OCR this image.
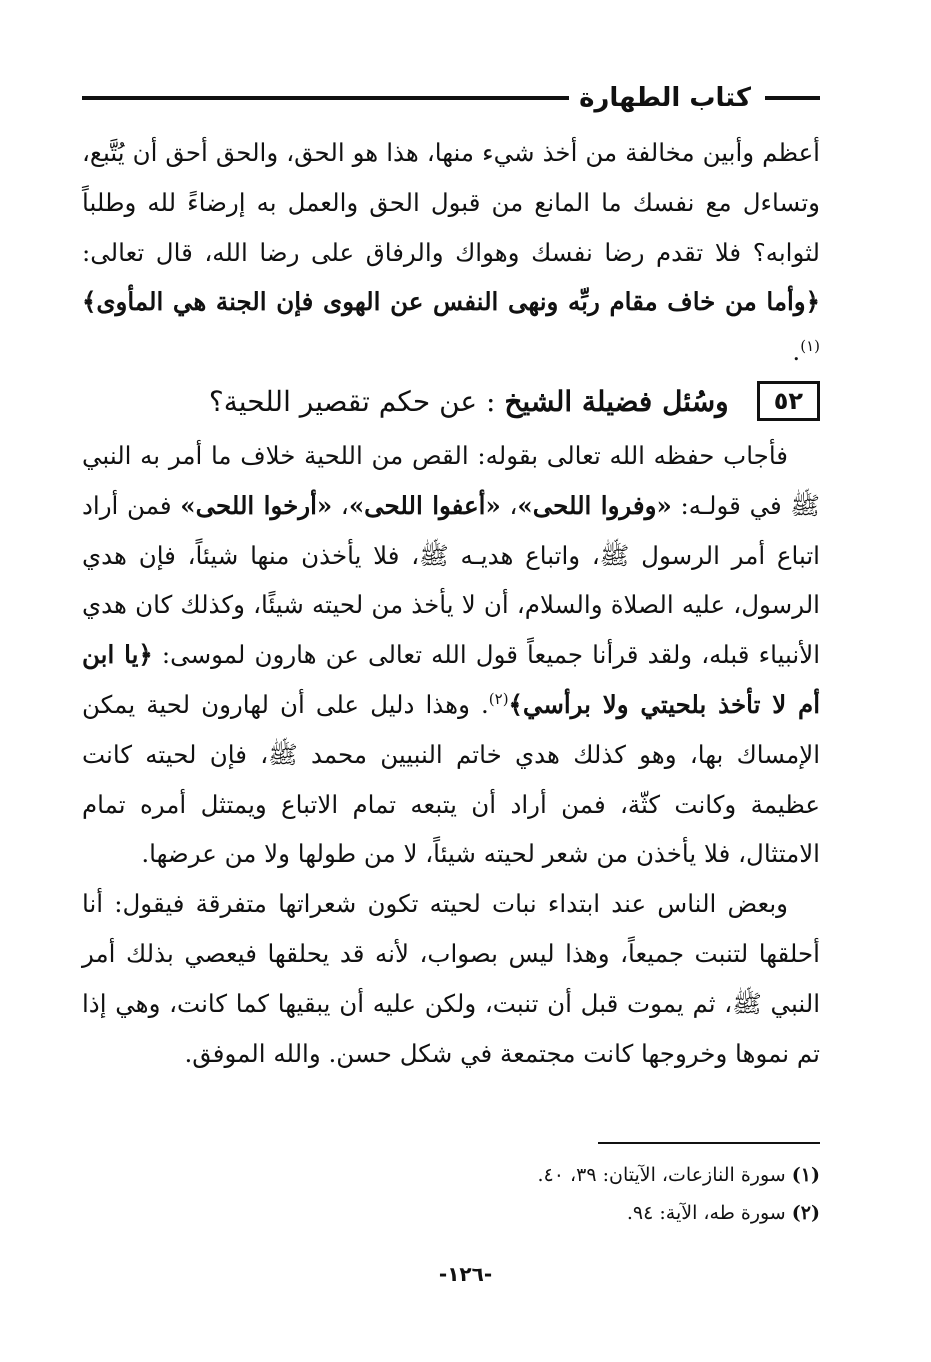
كتاب الطهارة

أعظم وأبين مخالفة من أخذ شيء منها، هذا هو الحق، والحق أحق أن يُتَّبع، وتساءل مع نفسك ما المانع من قبول الحق والعمل به إرضاءً لله وطلباً لثوابه؟ فلا تقدم رضا نفسك وهواك والرفاق على رضا الله، قال تعالى: ﴿وأما من خاف مقام ربِّه ونهى النفس عن الهوى فإن الجنة هي المأوى﴾$^{(١)}$.

٥٢
وسُئل فضيلة الشيخ : عن حكم تقصير اللحية؟

فأجاب حفظه الله تعالى بقوله: القص من اللحية خلاف ما أمر به النبي ﷺ في قولـه: «وفروا اللحى»، «أعفوا اللحى»، «أرخوا اللحى» فمن أراد اتباع أمر الرسول ﷺ، واتباع هديـه ﷺ، فلا يأخذن منها شيئاً، فإن هدي الرسول، عليه الصلاة والسلام، أن لا يأخذ من لحيته شيئًا، وكذلك كان هدي الأنبياء قبله، ولقد قرأنا جميعاً قول الله تعالى عن هارون لموسى: ﴿يا ابن أم لا تأخذ بلحيتي ولا برأسي﴾$^{(٢)}$. وهذا دليل على أن لهارون لحية يمكن الإمساك بها، وهو كذلك هدي خاتم النبيين محمد ﷺ، فإن لحيته كانت عظيمة وكانت كثّة، فمن أراد أن يتبعه تمام الاتباع ويمتثل أمره تمام الامتثال، فلا يأخذن من شعر لحيته شيئاً، لا من طولها ولا من عرضها.

وبعض الناس عند ابتداء نبات لحيته تكون شعراتها متفرقة فيقول: أنا أحلقها لتنبت جميعاً، وهذا ليس بصواب، لأنه قد يحلقها فيعصي بذلك أمر النبي ﷺ، ثم يموت قبل أن تنبت، ولكن عليه أن يبقيها كما كانت، وهي إذا تم نموها وخروجها كانت مجتمعة في شكل حسن. والله الموفق.

(١) سورة النازعات، الآيتان: ٣٩، ٤٠.
(٢) سورة طه، الآية: ٩٤.
-١٢٦-
